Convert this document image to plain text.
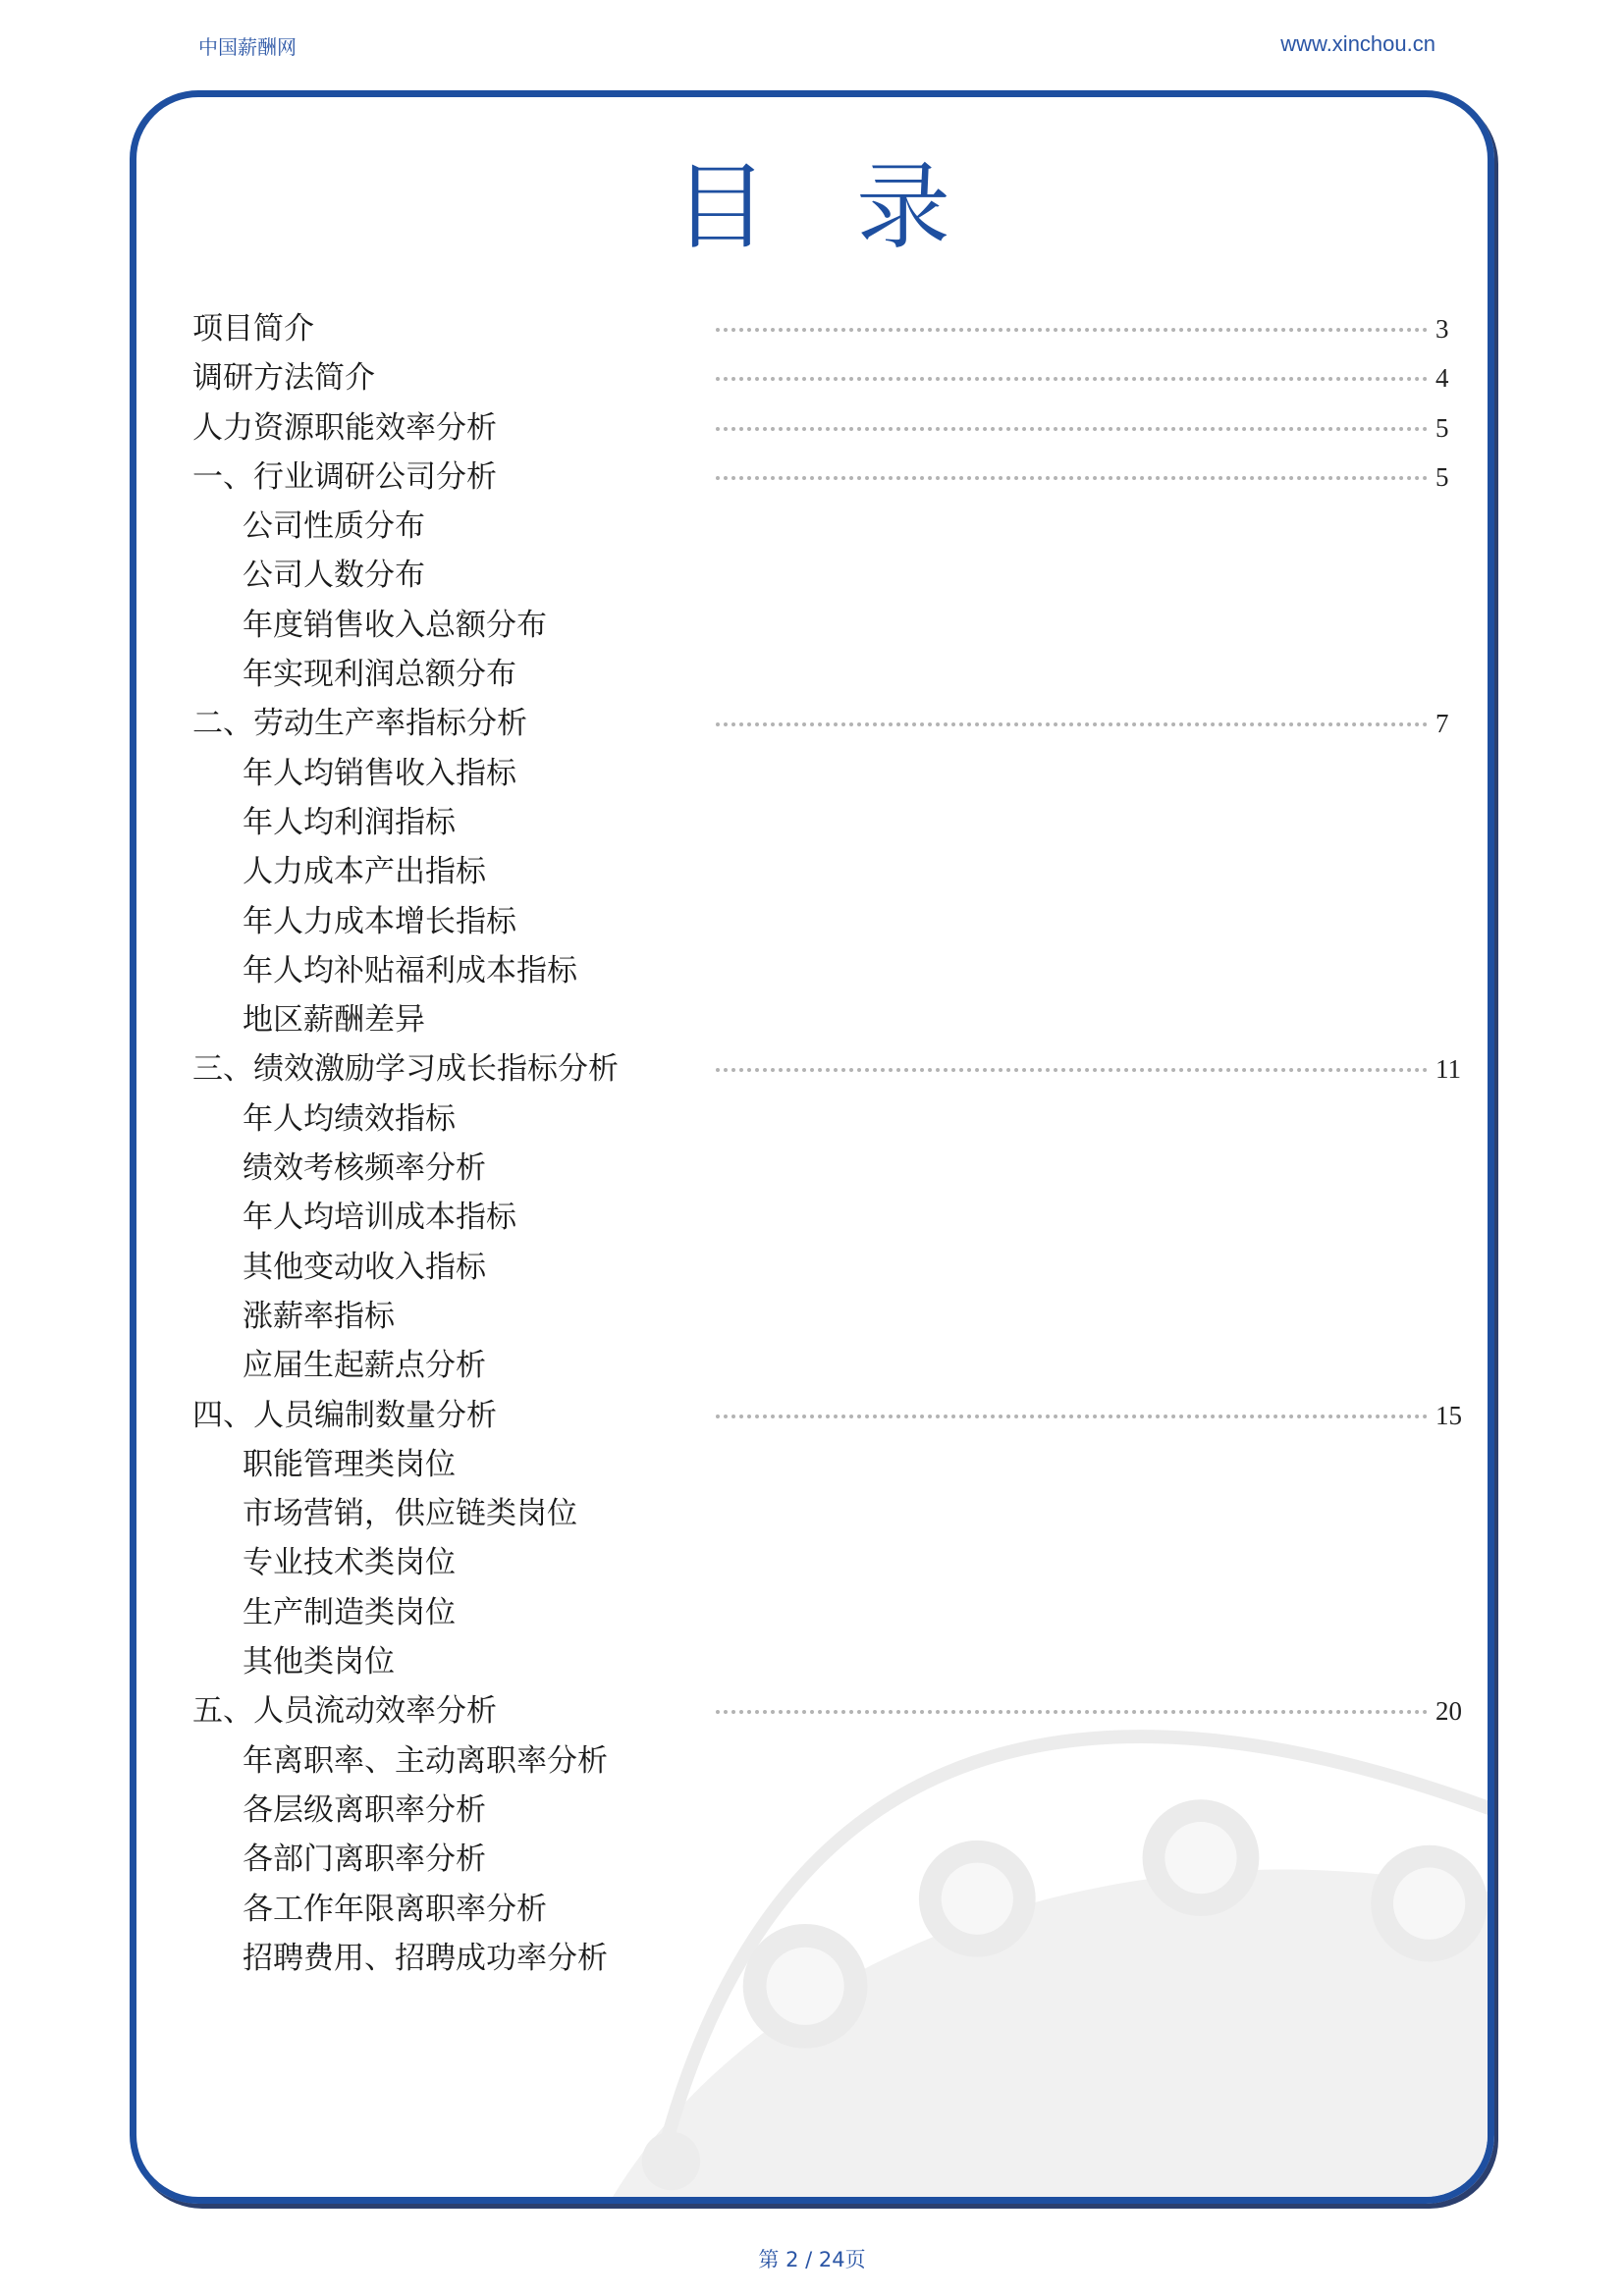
中国薪酬网	www.xinchou.cn
目录
项目简介	3
调研方法简介	4
人力资源职能效率分析	5
一、行业调研公司分析	5
公司性质分布
公司人数分布
年度销售收入总额分布
年实现利润总额分布
二、劳动生产率指标分析	7
年人均销售收入指标
年人均利润指标
人力成本产出指标
年人力成本增长指标
年人均补贴福利成本指标
地区薪酬差异
三、绩效激励学习成长指标分析	11
年人均绩效指标
绩效考核频率分析
年人均培训成本指标
其他变动收入指标
涨薪率指标
应届生起薪点分析
四、人员编制数量分析	15
职能管理类岗位
市场营销，供应链类岗位
专业技术类岗位
生产制造类岗位
其他类岗位
五、人员流动效率分析	20
年离职率、主动离职率分析
各层级离职率分析
各部门离职率分析
各工作年限离职率分析
招聘费用、招聘成功率分析
第 2 / 24页
